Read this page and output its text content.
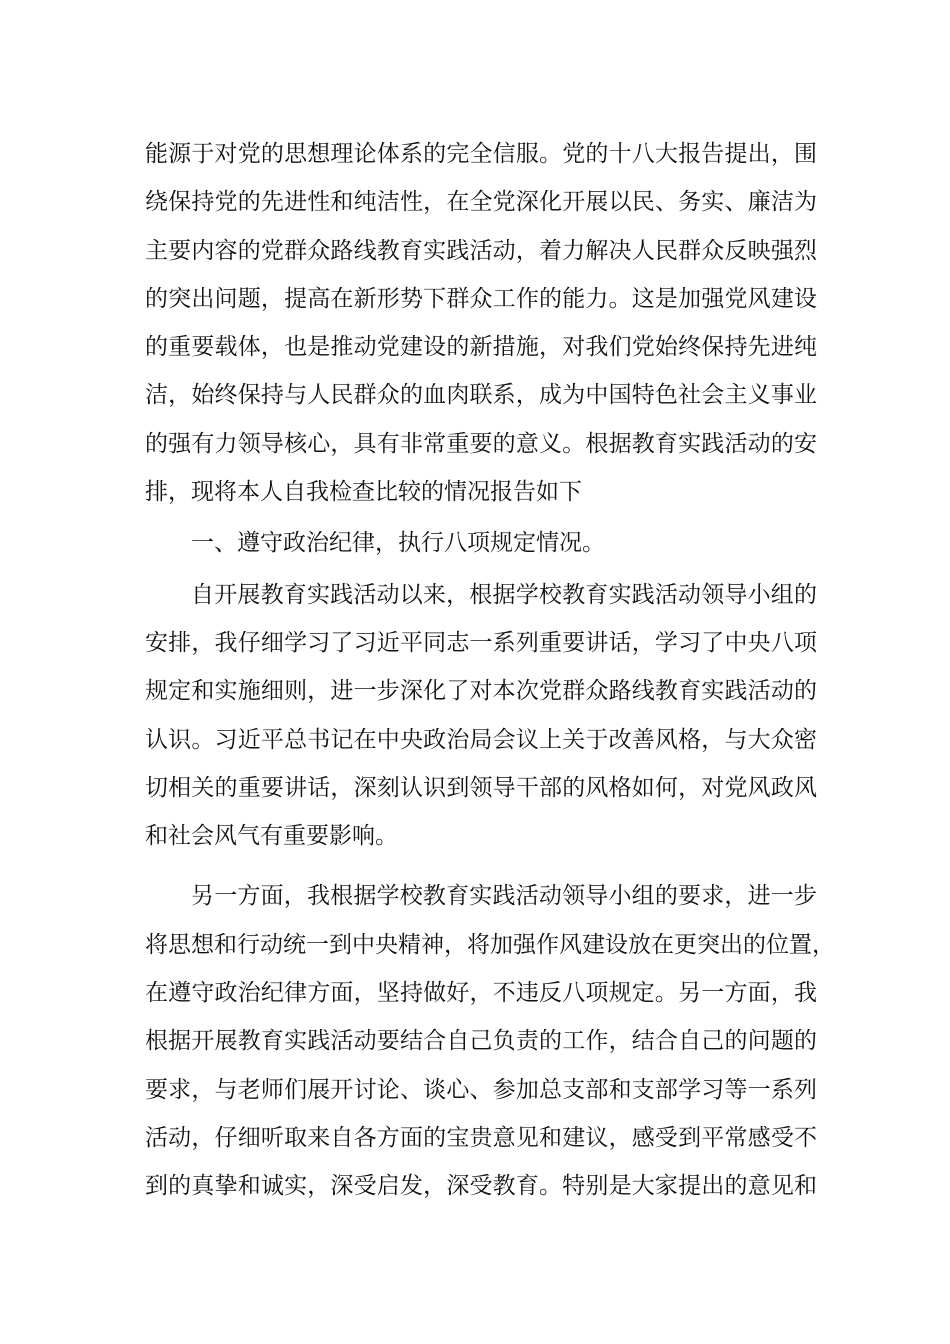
能源于对党的思想理论体系的完全信服。党的十八大报告提出，围
绕保持党的先进性和纯洁性，在全党深化开展以民、务实、廉洁为
主要内容的党群众路线教育实践活动，着力解决人民群众反映强烈
的突出问题，提高在新形势下群众工作的能力。这是加强党风建设
的重要载体，也是推动党建设的新措施，对我们党始终保持先进纯
洁，始终保持与人民群众的血肉联系，成为中国特色社会主义事业
的强有力领导核心，具有非常重要的意义。根据教育实践活动的安
排，现将本人自我检查比较的情况报告如下
一、遵守政治纪律，执行八项规定情况。
自开展教育实践活动以来，根据学校教育实践活动领导小组的
安排，我仔细学习了习近平同志一系列重要讲话，学习了中央八项
规定和实施细则，进一步深化了对本次党群众路线教育实践活动的
认识。习近平总书记在中央政治局会议上关于改善风格，与大众密
切相关的重要讲话，深刻认识到领导干部的风格如何，对党风政风
和社会风气有重要影响。
另一方面，我根据学校教育实践活动领导小组的要求，进一步
将思想和行动统一到中央精神，将加强作风建设放在更突出的位置，
在遵守政治纪律方面，坚持做好，不违反八项规定。另一方面，我
根据开展教育实践活动要结合自己负责的工作，结合自己的问题的
要求，与老师们展开讨论、谈心、参加总支部和支部学习等一系列
活动，仔细听取来自各方面的宝贵意见和建议，感受到平常感受不
到的真挚和诚实，深受启发，深受教育。特别是大家提出的意见和
